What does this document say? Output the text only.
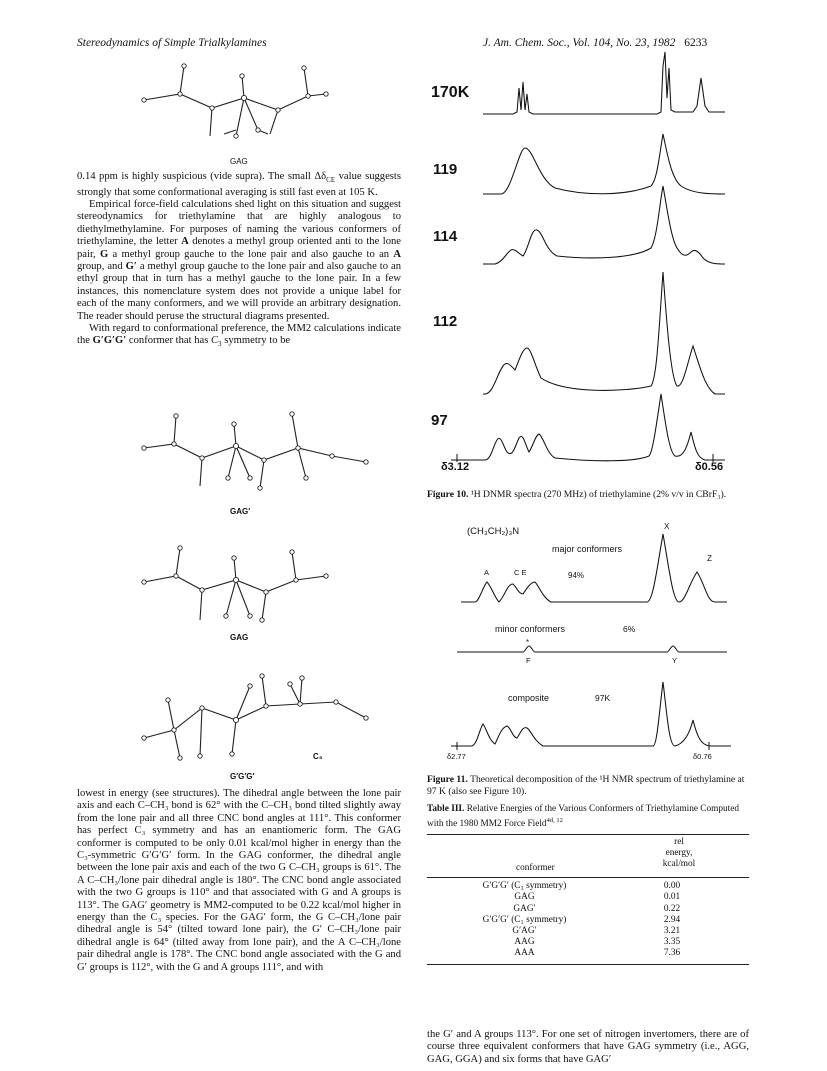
Stereodynamics of Simple Trialkylamines	J. Am. Chem. Soc., Vol. 104, No. 23, 1982 6233
GAG

0.14 ppm is highly suspicious (vide supra). The small $\Delta\delta_{CE}$ value suggests strongly that some conformational averaging is still fast even at 105 K.

Empirical force-field calculations shed light on this situation and suggest stereodynamics for triethylamine that are highly analogous to diethylmethylamine. For purposes of naming the various conformers of triethylamine, the letter A denotes a methyl group oriented anti to the lone pair, G a methyl group gauche to the lone pair and also gauche to an A group, and G′ a methyl group gauche to the lone pair and also gauche to an ethyl group that in turn has a methyl gauche to the lone pair. In a few instances, this nomenclature system does not provide a unique label for each of the many conformers, and we will provide an arbitrary designation. The reader should peruse the structural diagrams presented.

With regard to conformational preference, the MM2 calculations indicate the G′G′G′ conformer that has $C_3$ symmetry to be

GAG′
GAG
C₃
G′G′G′

lowest in energy (see structures). The dihedral angle between the lone pair axis and each C–CH₃ bond is 62° with the C–CH₃ bond tilted slightly away from the lone pair and all three CNC bond angles at 111°. This conformer has perfect C₃ symmetry and has an enantiomeric form. The GAG conformer is computed to be only 0.01 kcal/mol higher in energy than the C₃-symmetric G′G′G′ form. In the GAG conformer, the dihedral angle between the lone pair axis and each of the two G C–CH₃ groups is 61°. The A C–CH₃/lone pair dihedral angle is 180°. The CNC bond angle associated with the two G groups is 110° and that associated with G and A groups is 113°. The GAG′ geometry is MM2-computed to be 0.22 kcal/mol higher in energy than the C₃ species. For the GAG′ form, the G C–CH₃/lone pair dihedral angle is 54° (tilted toward lone pair), the G′ C–CH₃/lone pair dihedral angle is 64° (tilted away from lone pair), and the A C–CH₃/lone pair dihedral angle is 178°. The CNC bond angle associated with the G and G′ groups is 112°, with the G and A groups 111°, and with

170K
119
114
112
97
δ3.12	δ0.56
Figure 10. ¹H DNMR spectra (270 MHz) of triethylamine (2% v/v in CBrF₃).
(CH₃CH₂)₃N	X
Z
major conformers
A	C E	94%
minor conformers	6%
*
F	Y
composite	97K
δ2.77	δ0.76
Figure 11. Theoretical decomposition of the ¹H NMR spectrum of triethylamine at 97 K (also see Figure 10).
Table III. Relative Energies of the Various Conformers of Triethylamine Computed with the 1980 MM2 Force Field$^{4d, 12}$
conformer
rel
energy,
kcal/mol
G′G′G′ (C₃ symmetry)	0.00
GAG	0.01
GAG′	0.22
G′G′G′ (C₁ symmetry)	2.94
G′AG′	3.21
AAG	3.35
AAA	7.36

the G′ and A groups 113°. For one set of nitrogen invertomers, there are of course three equivalent conformers that have GAG symmetry (i.e., AGG, GAG, GGA) and six forms that have GAG′
